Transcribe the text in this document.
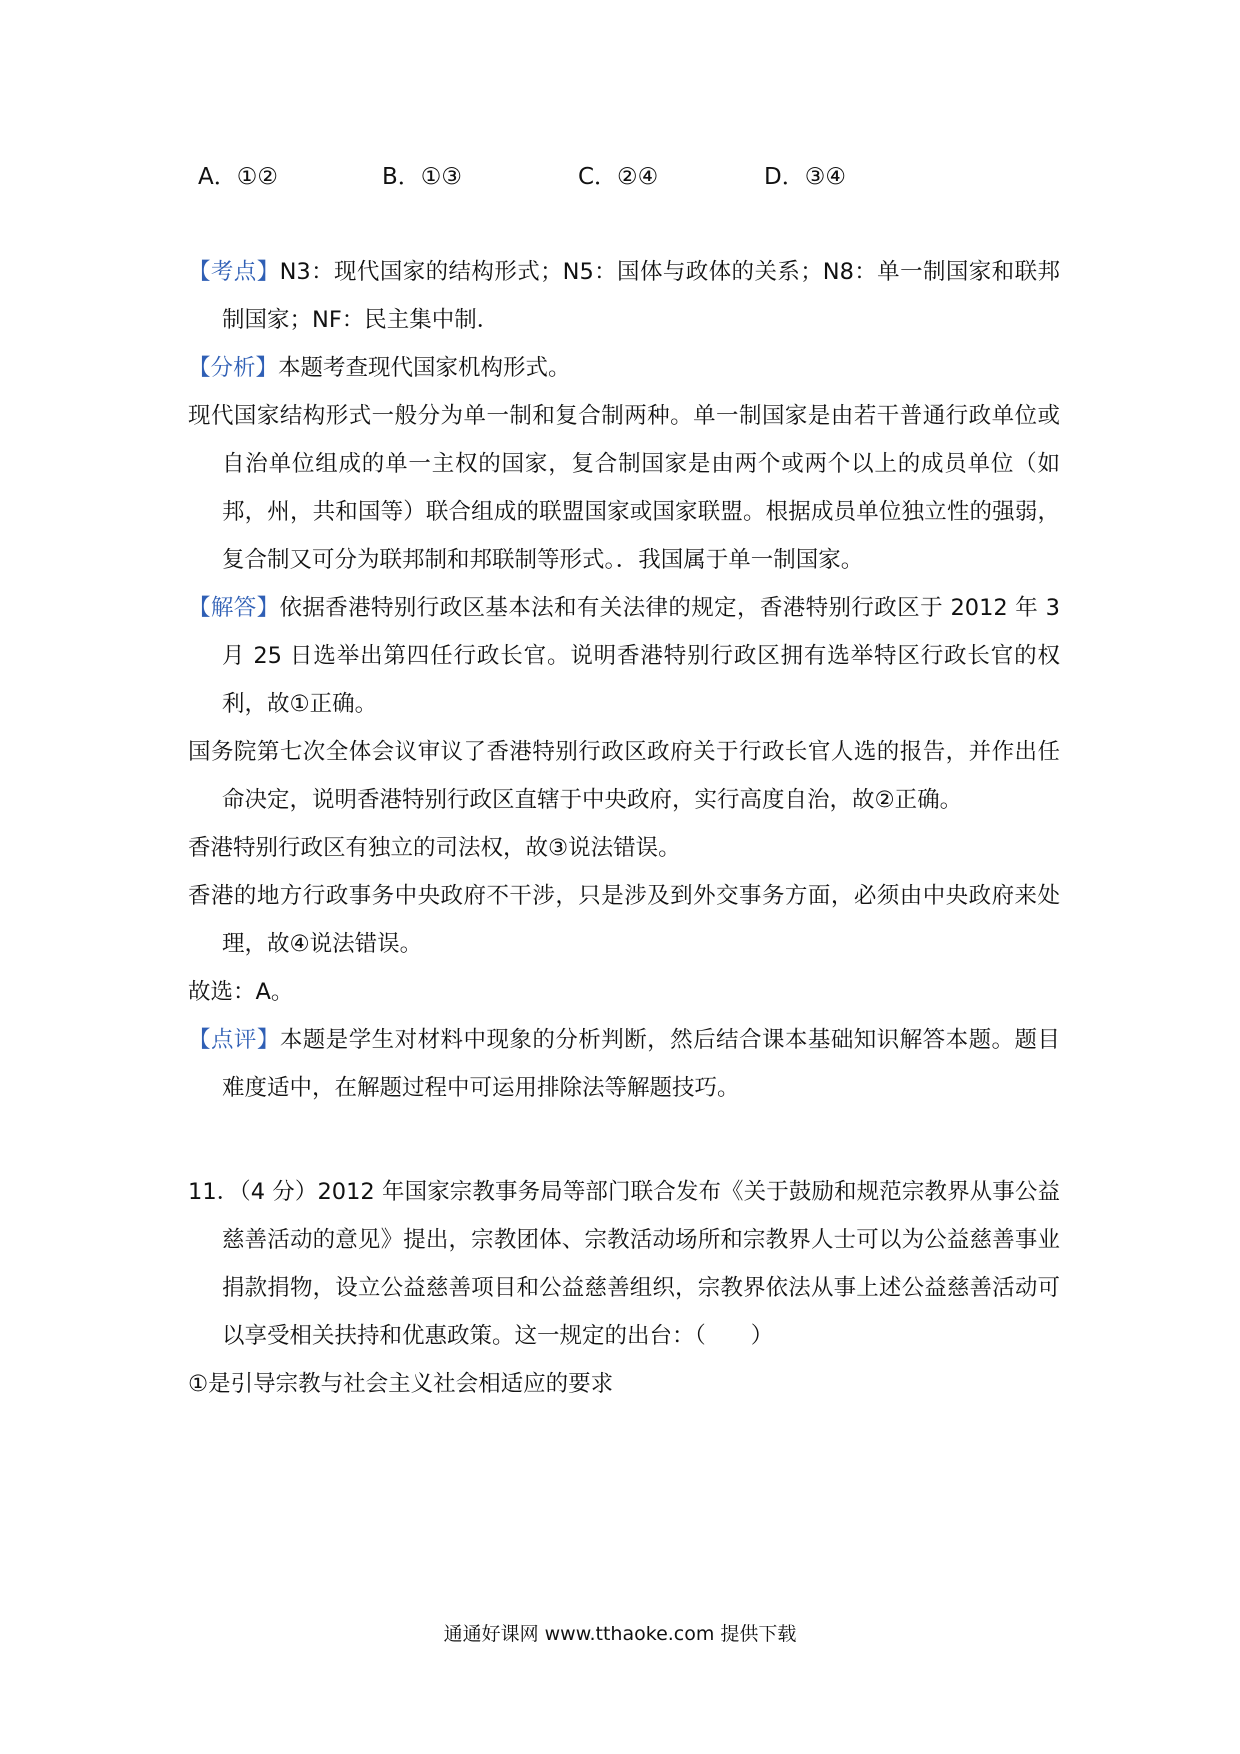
A．①②	B．①③	C．②④	D．③④

【考点】N3：现代国家的结构形式；N5：国体与政体的关系；N8：单一制国家和联邦制国家；NF：民主集中制．

【分析】本题考查现代国家机构形式。

现代国家结构形式一般分为单一制和复合制两种。单一制国家是由若干普通行政单位或自治单位组成的单一主权的国家，复合制国家是由两个或两个以上的成员单位（如邦，州，共和国等）联合组成的联盟国家或国家联盟。根据成员单位独立性的强弱，复合制又可分为联邦制和邦联制等形式。．我国属于单一制国家。

【解答】依据香港特别行政区基本法和有关法律的规定，香港特别行政区于 2012 年 3 月 25 日选举出第四任行政长官。说明香港特别行政区拥有选举特区行政长官的权利，故①正确。

国务院第七次全体会议审议了香港特别行政区政府关于行政长官人选的报告，并作出任命决定，说明香港特别行政区直辖于中央政府，实行高度自治，故②正确。

香港特别行政区有独立的司法权，故③说法错误。

香港的地方行政事务中央政府不干涉，只是涉及到外交事务方面，必须由中央政府来处理，故④说法错误。

故选：A。

【点评】本题是学生对材料中现象的分析判断，然后结合课本基础知识解答本题。题目难度适中，在解题过程中可运用排除法等解题技巧。

11．（4 分）2012 年国家宗教事务局等部门联合发布《关于鼓励和规范宗教界从事公益慈善活动的意见》提出，宗教团体、宗教活动场所和宗教界人士可以为公益慈善事业捐款捐物，设立公益慈善项目和公益慈善组织，宗教界依法从事上述公益慈善活动可以享受相关扶持和优惠政策。这一规定的出台：（　　）

①是引导宗教与社会主义社会相适应的要求

通通好课网 www.tthaoke.com 提供下载
